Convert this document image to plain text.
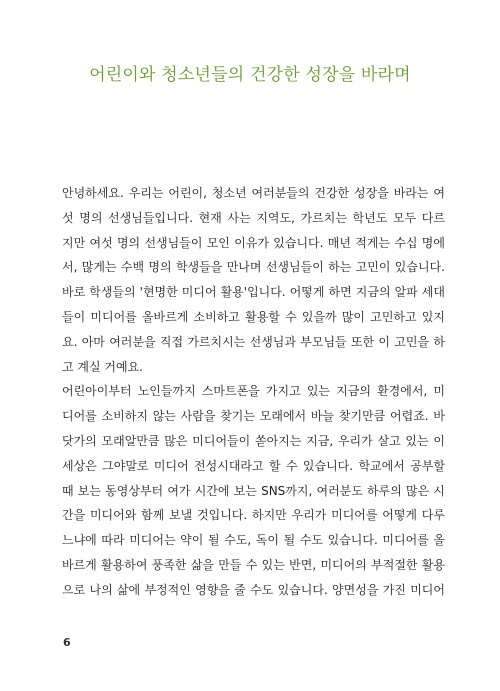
어린이와 청소년들의 건강한 성장을 바라며
안녕하세요. 우리는 어린이, 청소년 여러분들의 건강한 성장을 바라는 여
섯 명의 선생님들입니다. 현재 사는 지역도, 가르치는 학년도 모두 다르
지만 여섯 명의 선생님들이 모인 이유가 있습니다. 매년 적게는 수십 명에
서, 많게는 수백 명의 학생들을 만나며 선생님들이 하는 고민이 있습니다.
바로 학생들의 '현명한 미디어 활용'입니다. 어떻게 하면 지금의 알파 세대
들이 미디어를 올바르게 소비하고 활용할 수 있을까 많이 고민하고 있지
요. 아마 여러분을 직접 가르치시는 선생님과 부모님들 또한 이 고민을 하
고 계실 거예요.
어린아이부터 노인들까지 스마트폰을 가지고 있는 지금의 환경에서, 미
디어를 소비하지 않는 사람을 찾기는 모래에서 바늘 찾기만큼 어렵죠. 바
닷가의 모래알만큼 많은 미디어들이 쏟아지는 지금, 우리가 살고 있는 이
세상은 그야말로 미디어 전성시대라고 할 수 있습니다. 학교에서 공부할
때 보는 동영상부터 여가 시간에 보는 SNS까지, 여러분도 하루의 많은 시
간을 미디어와 함께 보낼 것입니다. 하지만 우리가 미디어를 어떻게 다루
느냐에 따라 미디어는 약이 될 수도, 독이 될 수도 있습니다. 미디어를 올
바르게 활용하여 풍족한 삶을 만들 수 있는 반면, 미디어의 부적절한 활용
으로 나의 삶에 부정적인 영향을 줄 수도 있습니다. 양면성을 가진 미디어
6
